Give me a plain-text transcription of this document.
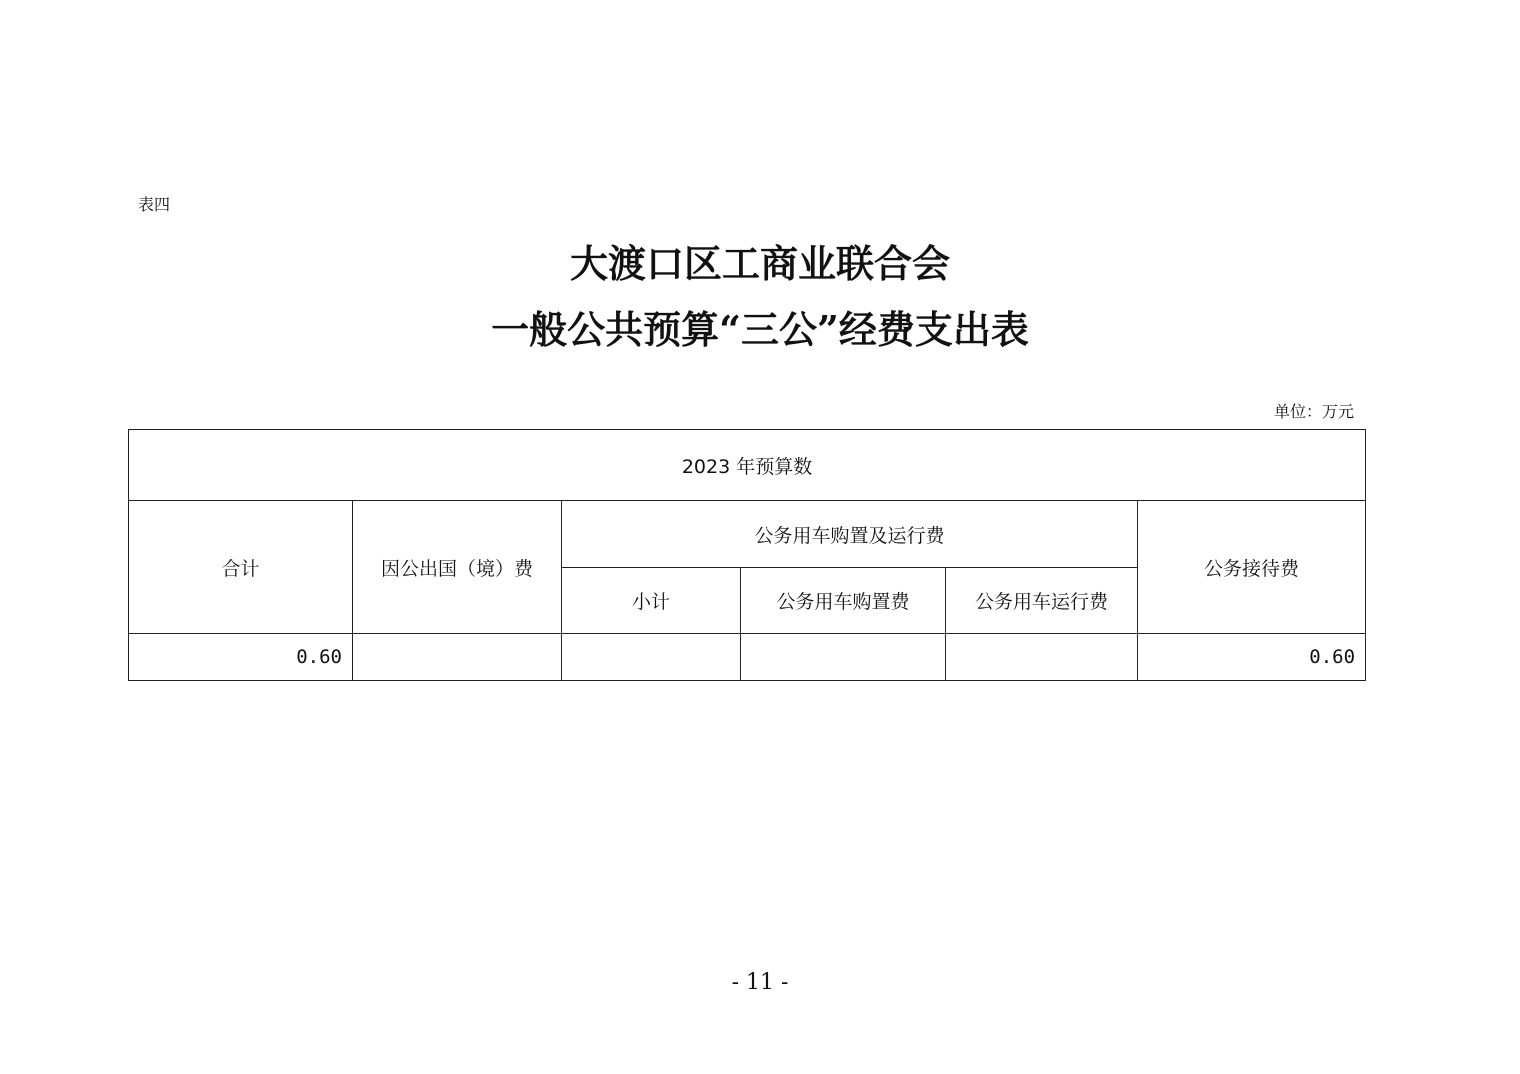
表四
大渡口区工商业联合会
一般公共预算“三公”经费支出表
单位：万元
2023 年预算数					
合计	因公出国（境）费	公务用车购置及运行费			公务接待费
		小计	公务用车购置费	公务用车运行费	
0.60					0.60
- 11 -
